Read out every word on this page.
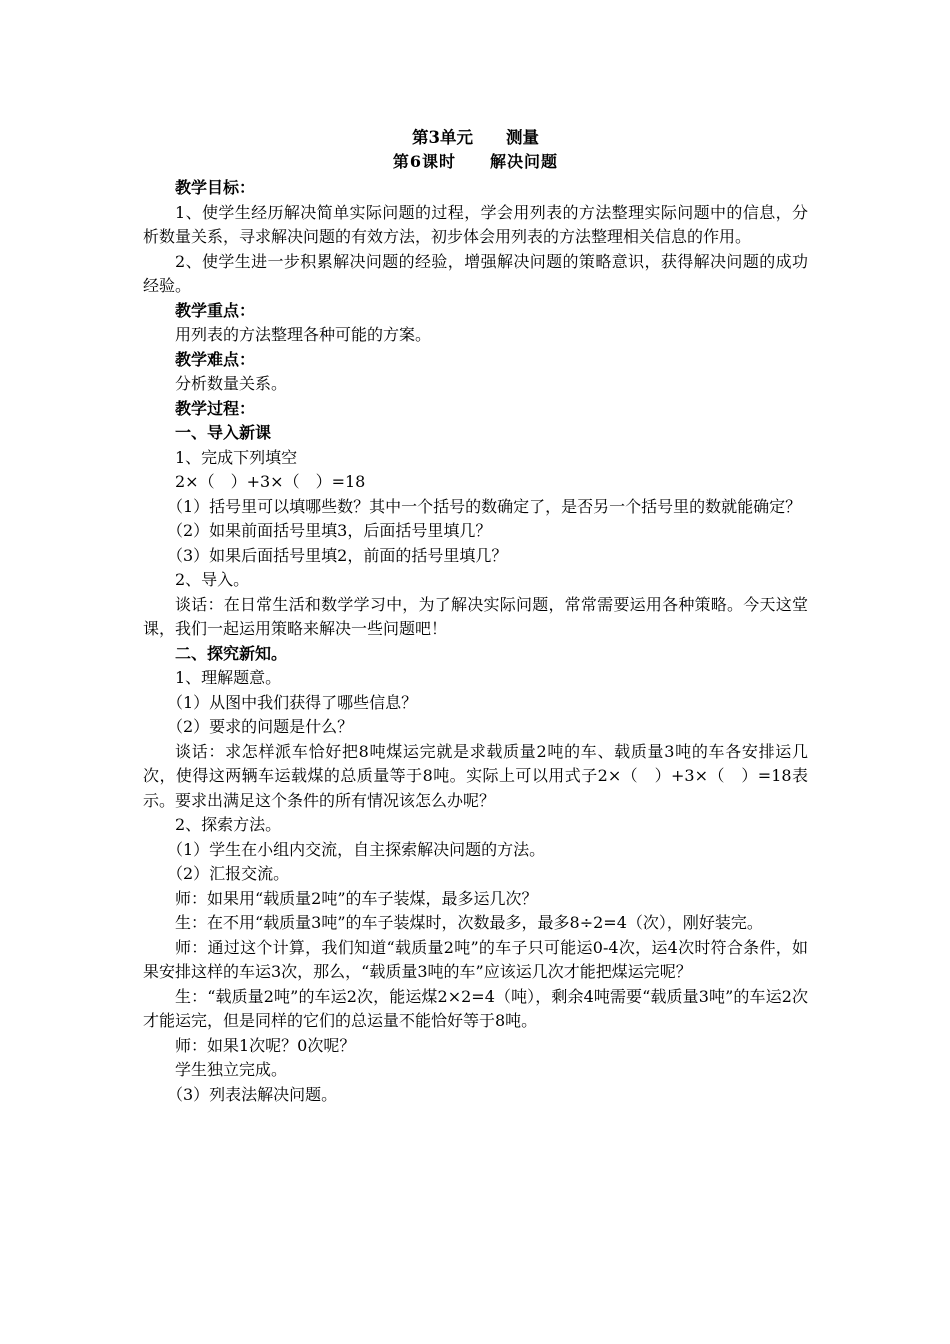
第3单元　　测量

第6课时　　解决问题

教学目标：

1、使学生经历解决简单实际问题的过程，学会用列表的方法整理实际问题中的信息，分析数量关系，寻求解决问题的有效方法，初步体会用列表的方法整理相关信息的作用。

2、使学生进一步积累解决问题的经验，增强解决问题的策略意识，获得解决问题的成功经验。

教学重点：

用列表的方法整理各种可能的方案。

教学难点：

分析数量关系。

教学过程：

一、导入新课

1、完成下列填空

2×（　）+3×（　）=18

（1）括号里可以填哪些数？其中一个括号的数确定了，是否另一个括号里的数就能确定？

（2）如果前面括号里填3，后面括号里填几？

（3）如果后面括号里填2，前面的括号里填几？

2、导入。

谈话：在日常生活和数学学习中，为了解决实际问题，常常需要运用各种策略。今天这堂课，我们一起运用策略来解决一些问题吧！

二、探究新知。

1、理解题意。

（1）从图中我们获得了哪些信息？

（2）要求的问题是什么？

谈话：求怎样派车恰好把8吨煤运完就是求载质量2吨的车、载质量3吨的车各安排运几次，使得这两辆车运载煤的总质量等于8吨。实际上可以用式子2×（　）+3×（　）=18表示。要求出满足这个条件的所有情况该怎么办呢？

2、探索方法。

（1）学生在小组内交流，自主探索解决问题的方法。

（2）汇报交流。

师：如果用“载质量2吨”的车子装煤，最多运几次？

生：在不用“载质量3吨”的车子装煤时，次数最多，最多8÷2=4（次），刚好装完。

师：通过这个计算，我们知道“载质量2吨”的车子只可能运0-4次，运4次时符合条件，如果安排这样的车运3次，那么，“载质量3吨的车”应该运几次才能把煤运完呢？

生：“载质量2吨”的车运2次，能运煤2×2=4（吨），剩余4吨需要“载质量3吨”的车运2次才能运完，但是同样的它们的总运量不能恰好等于8吨。

师：如果1次呢？0次呢？

学生独立完成。

（3）列表法解决问题。
